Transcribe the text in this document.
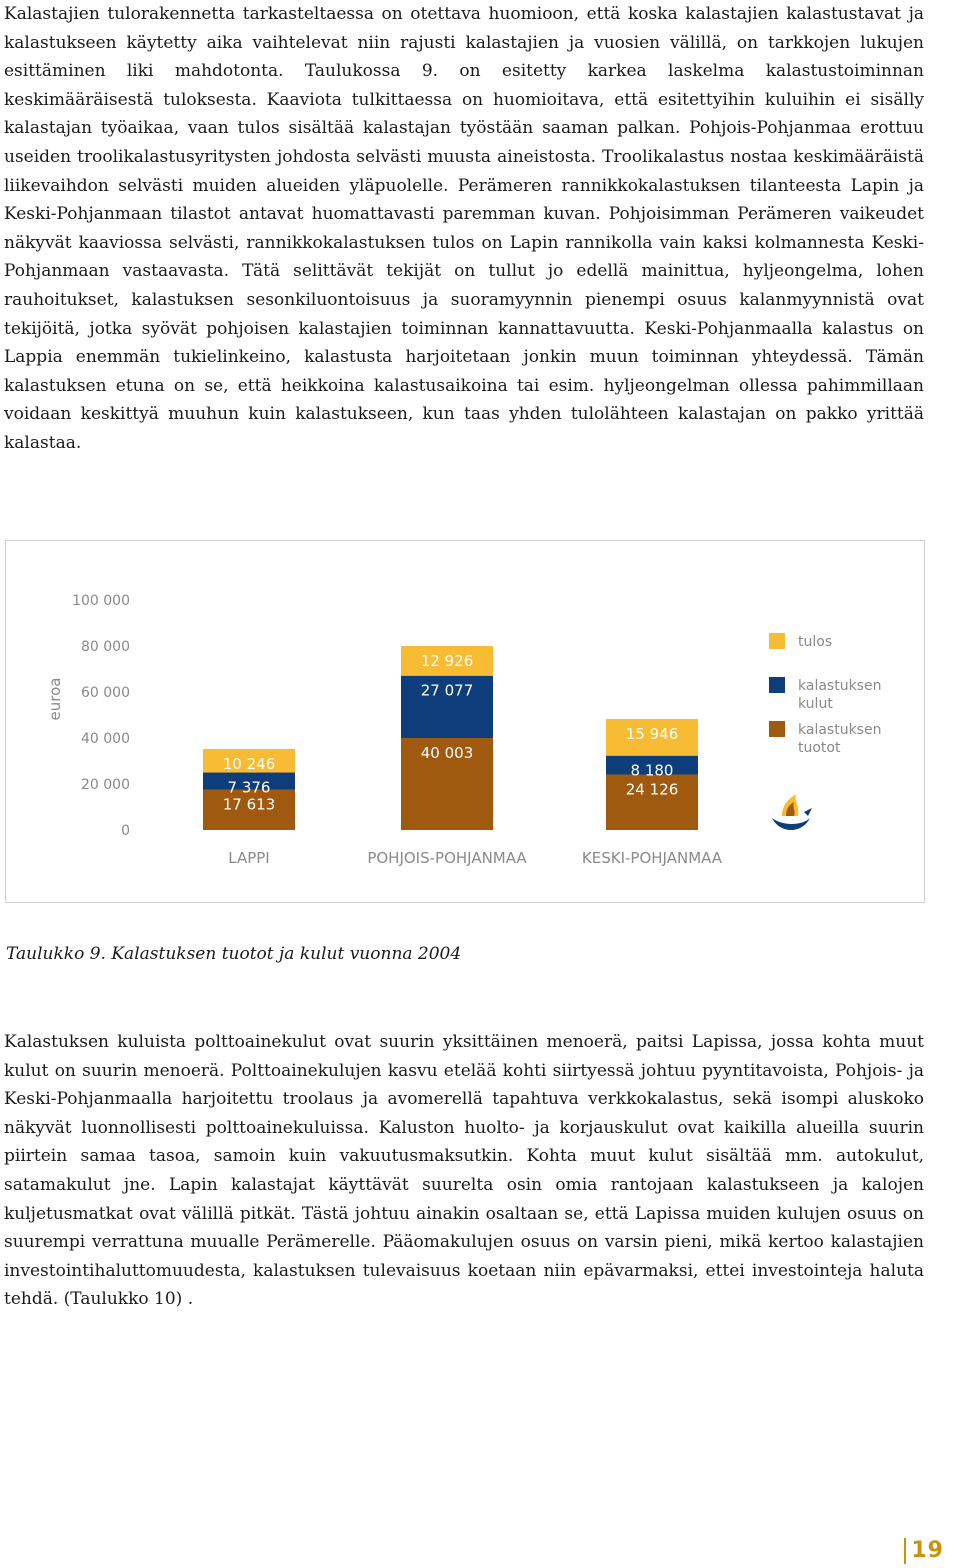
Kalastajien tulorakennetta tarkasteltaessa on otettava huomioon, että koska kalastajien kalastustavat ja kalastukseen käytetty aika vaihtelevat niin rajusti kalastajien ja vuosien välillä, on tarkkojen lukujen esittäminen liki mahdotonta. Taulukossa 9. on esitetty karkea laskelma kalastustoiminnan keskimääräisestä tuloksesta. Kaaviota tulkittaessa on huomioitava, että esitettyihin kuluihin ei sisälly kalastajan työaikaa, vaan tulos sisältää kalastajan työstään saaman palkan. Pohjois-Pohjanmaa erottuu useiden troolikalastusyritysten johdosta selvästi muusta aineistosta. Troolikalastus nostaa keskimääräistä liikevaihdon selvästi muiden alueiden yläpuolelle. Perämeren rannikkokalastuksen tilanteesta Lapin ja Keski-Pohjanmaan tilastot antavat huomattavasti paremman kuvan. Pohjoisimman Perämeren vaikeudet näkyvät kaaviossa selvästi, rannikkokalastuksen tulos on Lapin rannikolla vain kaksi kolmannesta Keski-Pohjanmaan vastaavasta. Tätä selittävät tekijät on tullut jo edellä mainittua, hyljeongelma, lohen rauhoitukset, kalastuksen sesonkiluontoisuus ja suoramyynnin pienempi osuus kalanmyynnistä ovat tekijöitä, jotka syövät pohjoisen kalastajien toiminnan kannattavuutta. Keski-Pohjanmaalla kalastus on Lappia enemmän tukielinkeino, kalastusta harjoitetaan jonkin muun toiminnan yhteydessä. Tämän kalastuksen etuna on se, että heikkoina kalastusaikoina tai esim. hyljeongelman ollessa pahimmillaan voidaan keskittyä muuhun kuin kalastukseen, kun taas yhden tulolähteen kalastajan on pakko yrittää kalastaa.

euroa
0
20 000
40 000
60 000
80 000
100 000
17 613
7 376
10 246
LAPPI
40 003
27 077
12 926
POHJOIS-POHJANMAA
24 126
8 180
15 946
KESKI-POHJANMAA
tulos
kalastuksen kulut
kalastuksen tuotot

Taulukko 9. Kalastuksen tuotot ja kulut vuonna 2004

19

Kalastuksen kuluista polttoainekulut ovat suurin yksittäinen menoerä, paitsi Lapissa, jossa kohta muut kulut on suurin menoerä. Polttoainekulujen kasvu etelää kohti siirtyessä johtuu pyyntitavoista, Pohjois- ja Keski-Pohjanmaalla harjoitettu troolaus ja avomerellä tapahtuva verkkokalastus, sekä isompi aluskoko näkyvät luonnollisesti polttoainekuluissa. Kaluston huolto- ja korjauskulut ovat kaikilla alueilla suurin piirtein samaa tasoa, samoin kuin vakuutusmaksutkin. Kohta muut kulut sisältää mm. autokulut, satamakulut jne. Lapin kalastajat käyttävät suurelta osin omia rantojaan kalastukseen ja kalojen kuljetusmatkat ovat välillä pitkät. Tästä johtuu ainakin osaltaan se, että Lapissa muiden kulujen osuus on suurempi verrattuna muualle Perämerelle. Pääomakulujen osuus on varsin pieni, mikä kertoo kalastajien investointihaluttomuudesta, kalastuksen tulevaisuus koetaan niin epävarmaksi, ettei investointeja haluta tehdä. (Taulukko 10) .
